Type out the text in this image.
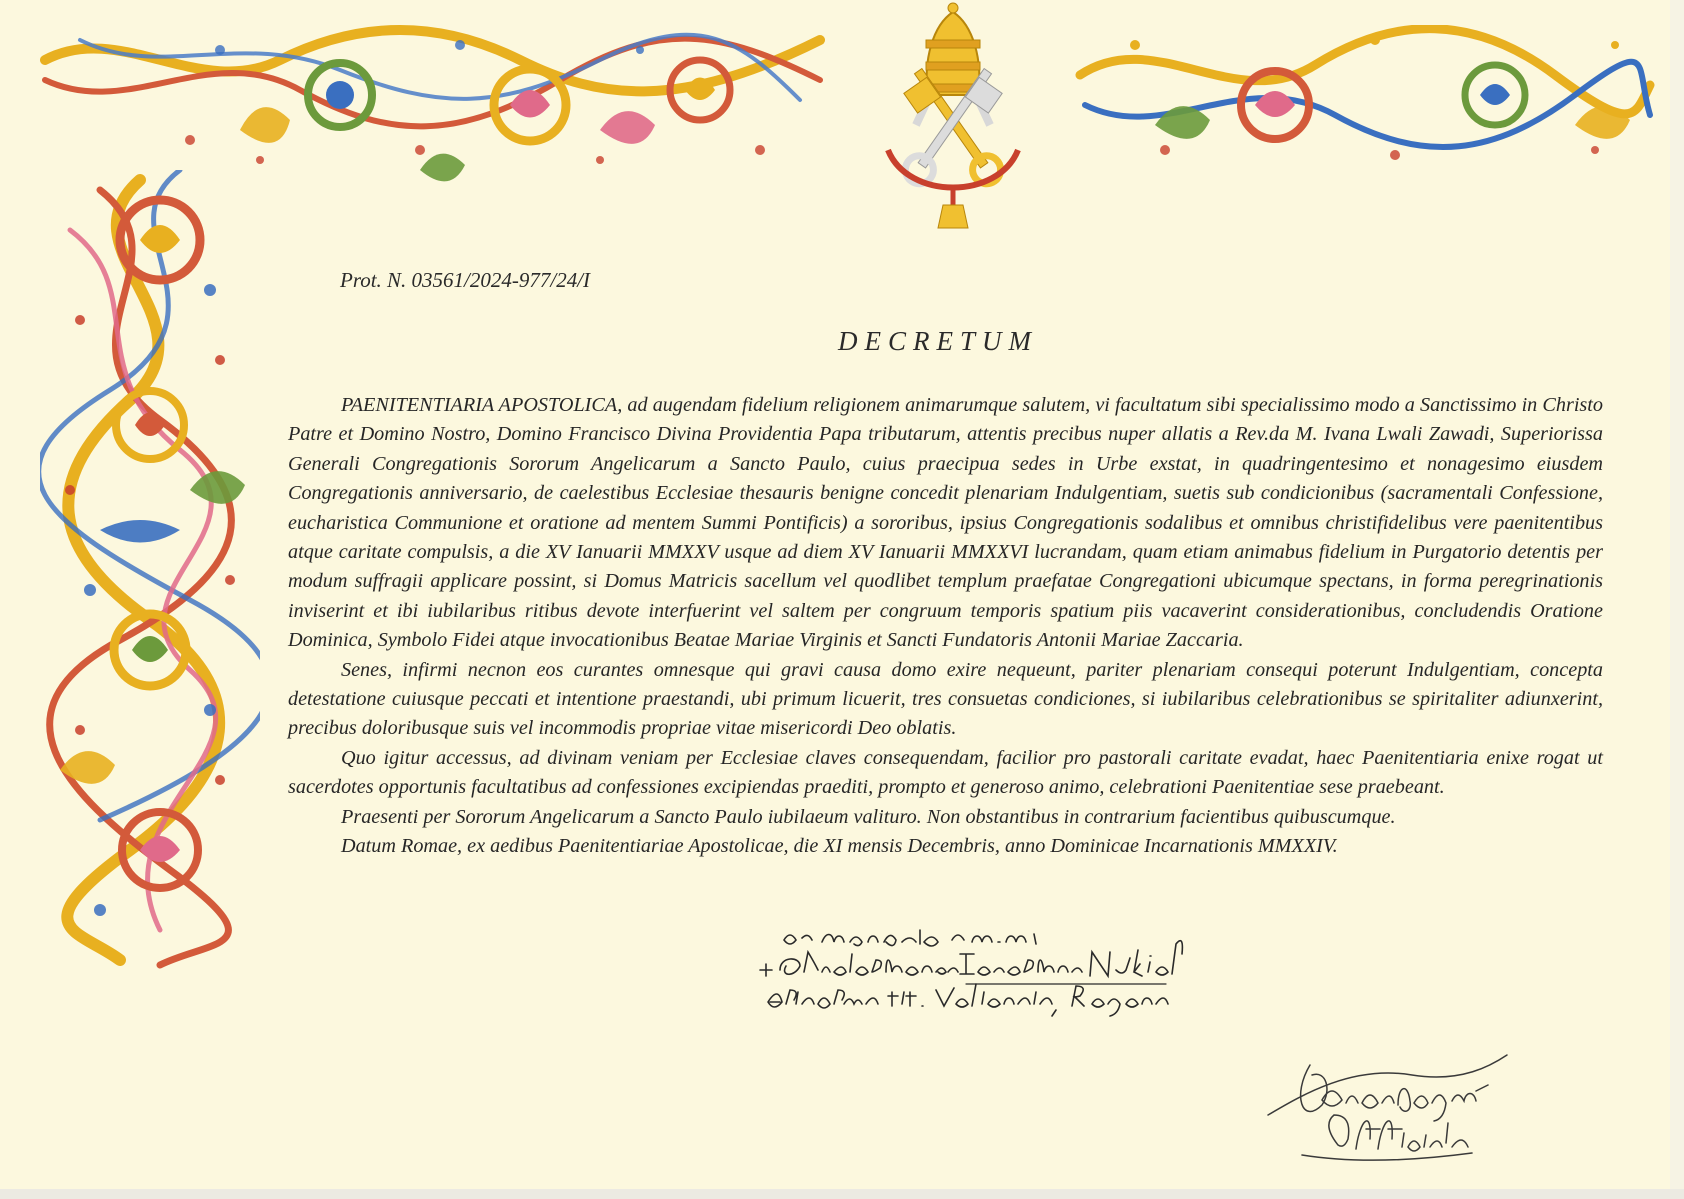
Prot. N. 03561/2024-977/24/I
DECRETUM

PAENITENTIARIA APOSTOLICA, ad augendam fidelium religionem animarumque salutem, vi facultatum sibi specialissimo modo a Sanctissimo in Christo Patre et Domino Nostro, Domino Francisco Divina Providentia Papa tributarum, attentis precibus nuper allatis a Rev.da M. Ivana Lwali Zawadi, Superiorissa Generali Congregationis Sororum Angelicarum a Sancto Paulo, cuius praecipua sedes in Urbe exstat, in quadringentesimo et nonagesimo eiusdem Congregationis anniversario, de caelestibus Ecclesiae thesauris benigne concedit plenariam Indulgentiam, suetis sub condicionibus (sacramentali Confessione, eucharistica Communione et oratione ad mentem Summi Pontificis) a sororibus, ipsius Congregationis sodalibus et omnibus christifidelibus vere paenitentibus atque caritate compulsis, a die XV Ianuarii MMXXV usque ad diem XV Ianuarii MMXXVI lucrandam, quam etiam animabus fidelium in Purgatorio detentis per modum suffragii applicare possint, si Domus Matricis sacellum vel quodlibet templum praefatae Congregationi ubicumque spectans, in forma peregrinationis inviserint et ibi iubilaribus ritibus devote interfuerint vel saltem per congruum temporis spatium piis vacaverint considerationibus, concludendis Oratione Dominica, Symbolo Fidei atque invocationibus Beatae Mariae Virginis et Sancti Fundatoris Antonii Mariae Zaccaria.

Senes, infirmi necnon eos curantes omnesque qui gravi causa domo exire nequeunt, pariter plenariam consequi poterunt Indulgentiam, concepta detestatione cuiusque peccati et intentione praestandi, ubi primum licuerit, tres consuetas condiciones, si iubilaribus celebrationibus se spiritaliter adiunxerint, precibus doloribusque suis vel incommodis propriae vitae misericordi Deo oblatis.

Quo igitur accessus, ad divinam veniam per Ecclesiae claves consequendam, facilior pro pastorali caritate evadat, haec Paenitentiaria enixe rogat ut sacerdotes opportunis facultatibus ad confessiones excipiendas praediti, prompto et generoso animo, celebrationi Paenitentiae sese praebeant.

Praesenti per Sororum Angelicarum a Sancto Paulo iubilaeum valituro. Non obstantibus in contrarium facientibus quibuscumque.

Datum Romae, ex aedibus Paenitentiariae Apostolicae, die XI mensis Decembris, anno Dominicae Incarnationis MMXXIV.
